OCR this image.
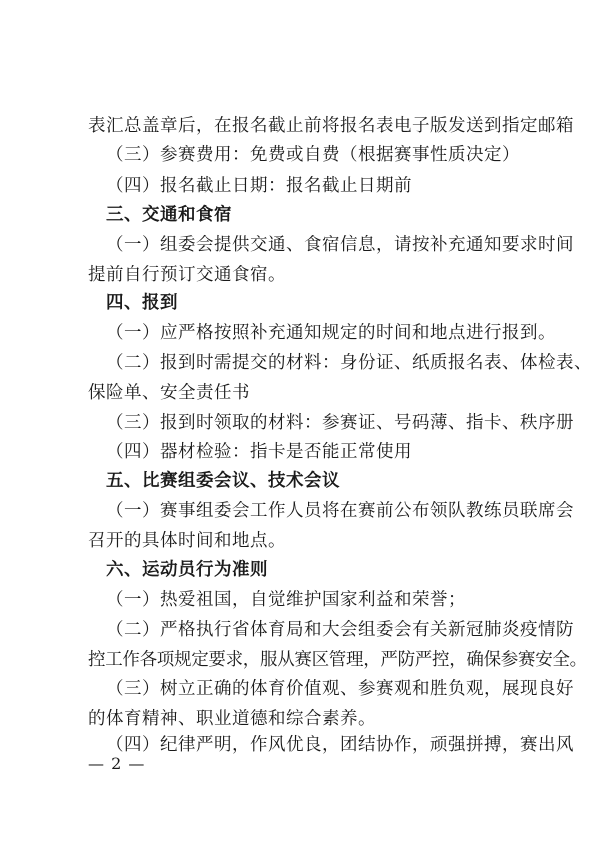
表汇总盖章后，在报名截止前将报名表电子版发送到指定邮箱
（三）参赛费用：免费或自费（根据赛事性质决定）
（四）报名截止日期：报名截止日期前
三、交通和食宿
（一）组委会提供交通、食宿信息，请按补充通知要求时间
提前自行预订交通食宿。
四、报到
（一）应严格按照补充通知规定的时间和地点进行报到。
（二）报到时需提交的材料：身份证、纸质报名表、体检表、
保险单、安全责任书
（三）报到时领取的材料：参赛证、号码薄、指卡、秩序册
（四）器材检验：指卡是否能正常使用
五、比赛组委会议、技术会议
（一）赛事组委会工作人员将在赛前公布领队教练员联席会
召开的具体时间和地点。
六、运动员行为准则
（一）热爱祖国，自觉维护国家利益和荣誉；
（二）严格执行省体育局和大会组委会有关新冠肺炎疫情防
控工作各项规定要求，服从赛区管理，严防严控，确保参赛安全。
（三）树立正确的体育价值观、参赛观和胜负观，展现良好
的体育精神、职业道德和综合素养。
（四）纪律严明，作风优良，团结协作，顽强拼搏，赛出风
— 2 —
